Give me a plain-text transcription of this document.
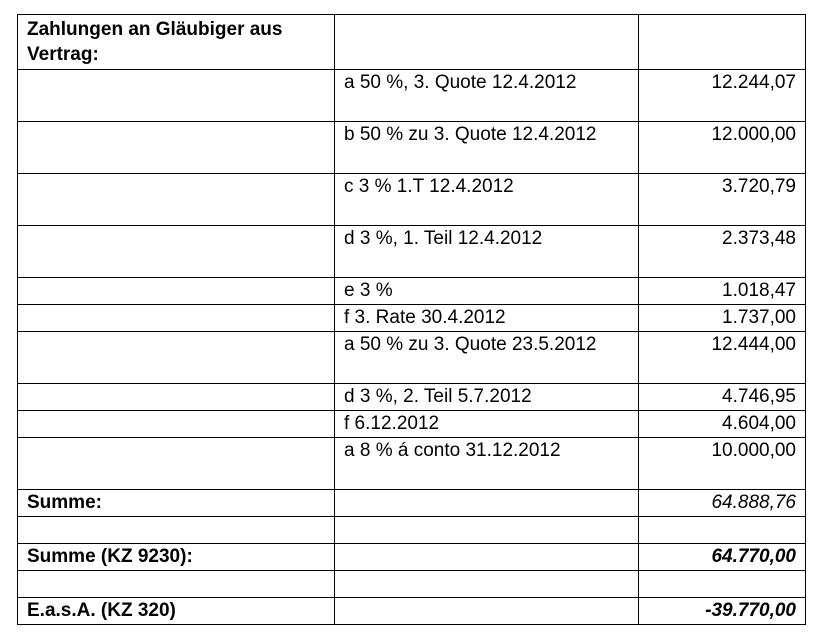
Zahlungen an Gläubiger aus Vertrag:		
	a 50 %, 3. Quote 12.4.2012	12.244,07
	b 50 % zu 3. Quote 12.4.2012	12.000,00
	c 3 % 1.T 12.4.2012	3.720,79
	d 3 %, 1. Teil 12.4.2012	2.373,48
	e 3 %	1.018,47
	f 3. Rate 30.4.2012	1.737,00
	a 50 % zu 3. Quote 23.5.2012	12.444,00
	d 3 %, 2. Teil 5.7.2012	4.746,95
	f 6.12.2012	4.604,00
	a 8 % á conto 31.12.2012	10.000,00
Summe:		64.888,76

Summe (KZ 9230):		64.770,00

E.a.s.A. (KZ 320)		-39.770,00
